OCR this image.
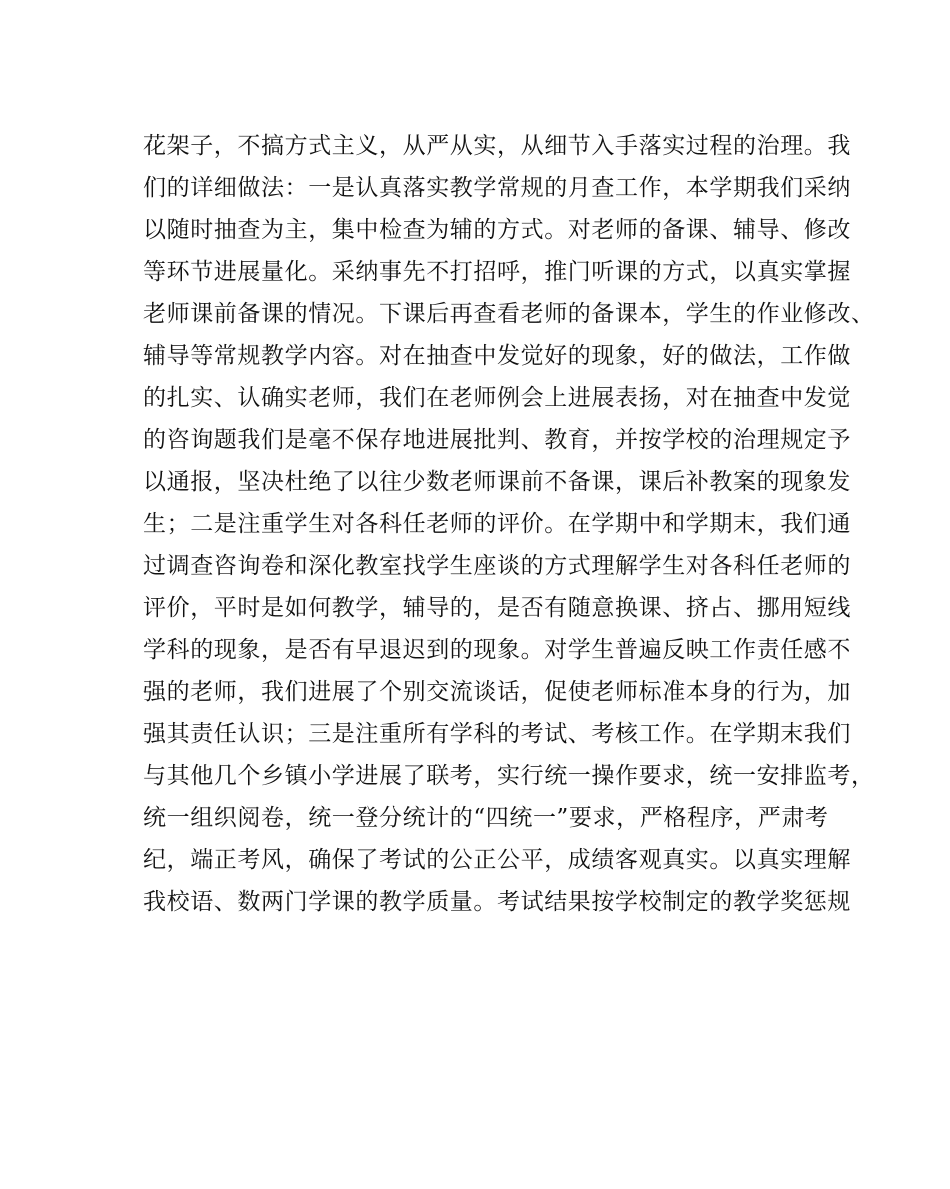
花架子，不搞方式主义，从严从实，从细节入手落实过程的治理。我
们的详细做法：一是认真落实教学常规的月查工作，本学期我们采纳
以随时抽查为主，集中检查为辅的方式。对老师的备课、辅导、修改
等环节进展量化。采纳事先不打招呼，推门听课的方式，以真实掌握
老师课前备课的情况。下课后再查看老师的备课本，学生的作业修改、
辅导等常规教学内容。对在抽查中发觉好的现象，好的做法，工作做
的扎实、认确实老师，我们在老师例会上进展表扬，对在抽查中发觉
的咨询题我们是毫不保存地进展批判、教育，并按学校的治理规定予
以通报，坚决杜绝了以往少数老师课前不备课，课后补教案的现象发
生；二是注重学生对各科任老师的评价。在学期中和学期末，我们通
过调查咨询卷和深化教室找学生座谈的方式理解学生对各科任老师的
评价，平时是如何教学，辅导的，是否有随意换课、挤占、挪用短线
学科的现象，是否有早退迟到的现象。对学生普遍反映工作责任感不
强的老师，我们进展了个别交流谈话，促使老师标准本身的行为，加
强其责任认识；三是注重所有学科的考试、考核工作。在学期末我们
与其他几个乡镇小学进展了联考，实行统一操作要求，统一安排监考，
统一组织阅卷，统一登分统计的“四统一”要求，严格程序，严肃考
纪，端正考风，确保了考试的公正公平，成绩客观真实。以真实理解
我校语、数两门学课的教学质量。考试结果按学校制定的教学奖惩规
